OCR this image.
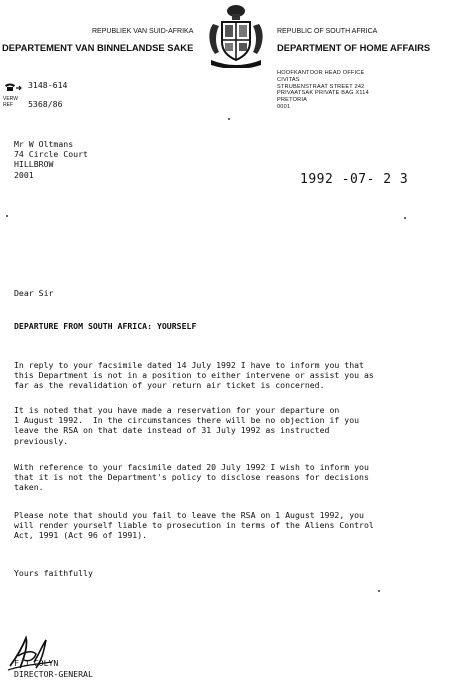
REPUBLIEK VAN SUID-AFRIKA
DEPARTEMENT VAN BINNELANDSE SAKE
REPUBLIC OF SOUTH AFRICA
DEPARTMENT OF HOME AFFAIRS
HOOFKANTOOR HEAD OFFICE
CIVITAS
STRUBENSTRAAT STREET 242
PRIVAATSAK PRIVATE BAG X114
PRETORIA
0001
3148-614
VERW
REF	5368/86
Mr W Oltmans
74 Circle Court
HILLBROW
2001	1992 -07- 2 3
Dear Sir
DEPARTURE FROM SOUTH AFRICA: YOURSELF
In reply to your facsimile dated 14 July 1992 I have to inform you that
this Department is not in a position to either intervene or assist you as
far as the revalidation of your return air ticket is concerned.
It is noted that you have made a reservation for your departure on
1 August 1992.  In the circumstances there will be no objection if you
leave the RSA on that date instead of 31 July 1992 as instructed
previously.
With reference to your facsimile dated 20 July 1992 I wish to inform you
that it is not the Department's policy to disclose reasons for decisions
taken.
Please note that should you fail to leave the RSA on 1 August 1992, you
will render yourself liable to prosecution in terms of the Aliens Control
Act, 1991 (Act 96 of 1991).
Yours faithfully
F J COLYN
DIRECTOR-GENERAL
